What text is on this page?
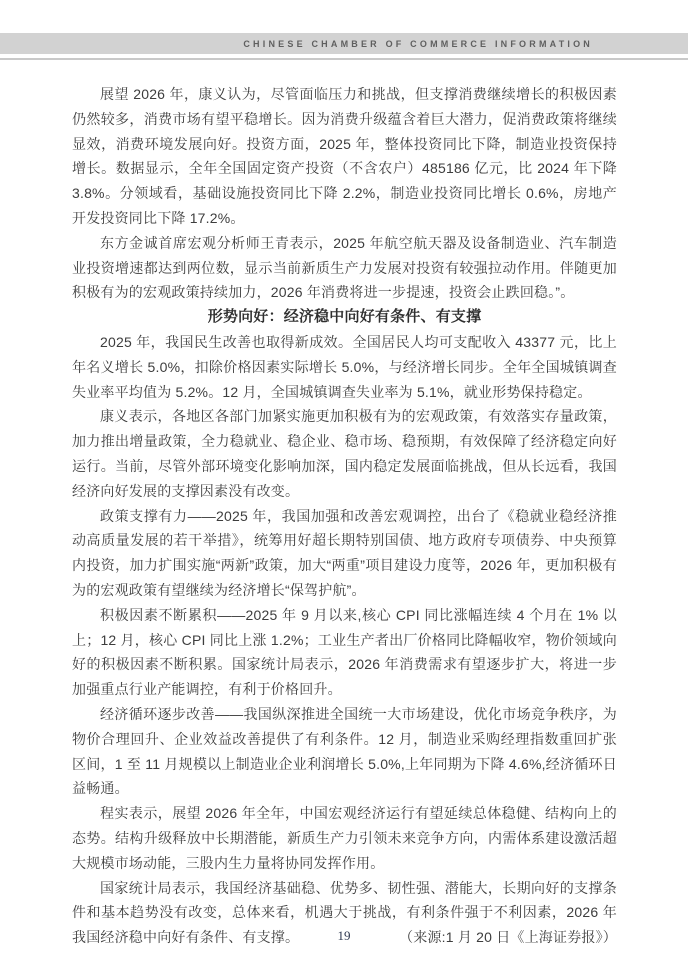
CHINESE CHAMBER OF COMMERCE INFORMATION

展望 2026 年，康义认为，尽管面临压力和挑战，但支撑消费继续增长的积极因素仍然较多，消费市场有望平稳增长。因为消费升级蕴含着巨大潜力，促消费政策将继续显效，消费环境发展向好。投资方面，2025 年，整体投资同比下降，制造业投资保持增长。数据显示，全年全国固定资产投资（不含农户）485186 亿元，比 2024 年下降 3.8%。分领域看，基础设施投资同比下降 2.2%，制造业投资同比增长 0.6%，房地产开发投资同比下降 17.2%。

东方金诚首席宏观分析师王青表示，2025 年航空航天器及设备制造业、汽车制造业投资增速都达到两位数，显示当前新质生产力发展对投资有较强拉动作用。伴随更加积极有为的宏观政策持续加力，2026 年消费将进一步提速，投资会止跌回稳。”。

形势向好：经济稳中向好有条件、有支撑

2025 年，我国民生改善也取得新成效。全国居民人均可支配收入 43377 元，比上年名义增长 5.0%，扣除价格因素实际增长 5.0%，与经济增长同步。全年全国城镇调查失业率平均值为 5.2%。12 月，全国城镇调查失业率为 5.1%，就业形势保持稳定。

康义表示，各地区各部门加紧实施更加积极有为的宏观政策，有效落实存量政策，加力推出增量政策，全力稳就业、稳企业、稳市场、稳预期，有效保障了经济稳定向好运行。当前，尽管外部环境变化影响加深，国内稳定发展面临挑战，但从长远看，我国经济向好发展的支撑因素没有改变。

政策支撑有力——2025 年，我国加强和改善宏观调控，出台了《稳就业稳经济推动高质量发展的若干举措》，统筹用好超长期特别国债、地方政府专项债券、中央预算内投资，加力扩围实施“两新”政策，加大“两重”项目建设力度等，2026 年，更加积极有为的宏观政策有望继续为经济增长“保驾护航”。

积极因素不断累积——2025 年 9 月以来,核心 CPI 同比涨幅连续 4 个月在 1% 以上；12 月，核心 CPI 同比上涨 1.2%；工业生产者出厂价格同比降幅收窄，物价领域向好的积极因素不断积累。国家统计局表示，2026 年消费需求有望逐步扩大，将进一步加强重点行业产能调控，有利于价格回升。

经济循环逐步改善——我国纵深推进全国统一大市场建设，优化市场竞争秩序，为物价合理回升、企业效益改善提供了有利条件。12 月，制造业采购经理指数重回扩张区间，1 至 11 月规模以上制造业企业利润增长 5.0%,上年同期为下降 4.6%,经济循环日益畅通。

程实表示，展望 2026 年全年，中国宏观经济运行有望延续总体稳健、结构向上的态势。结构升级释放中长期潜能，新质生产力引领未来竞争方向，内需体系建设激活超大规模市场动能，三股内生力量将协同发挥作用。

国家统计局表示，我国经济基础稳、优势多、韧性强、潜能大，长期向好的支撑条件和基本趋势没有改变，总体来看，机遇大于挑战，有利条件强于不利因素，2026 年我国经济稳中向好有条件、有支撑。	（来源:1 月 20 日《上海证券报》）

19
